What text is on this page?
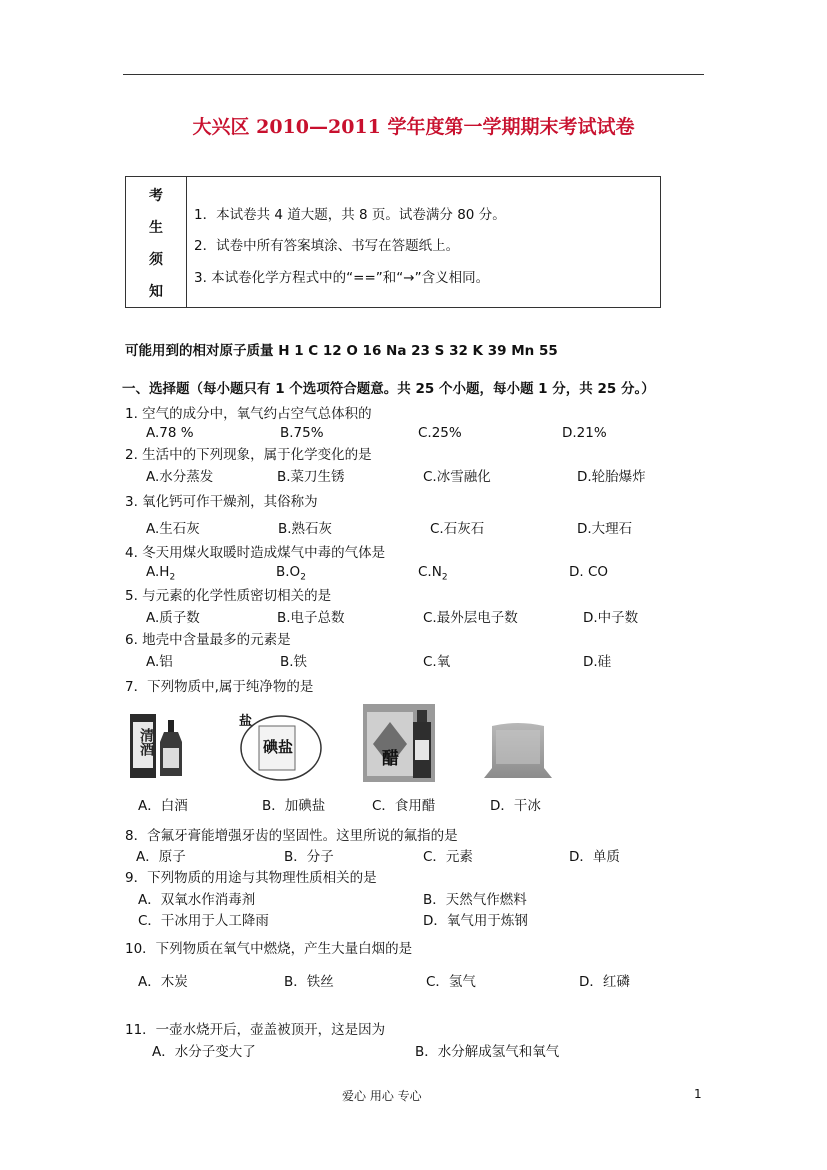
大兴区 2010—2011 学年度第一学期期末考试试卷
考
生
须
知
1．本试卷共 4 道大题，共 8 页。试卷满分 80 分。
2．试卷中所有答案填涂、书写在答题纸上。
3. 本试卷化学方程式中的“==”和“→”含义相同。
可能用到的相对原子质量 H 1 C 12 O 16 Na 23 S 32 K 39 Mn 55
一、选择题（每小题只有 1 个选项符合题意。共 25 个小题，每小题 1 分，共 25 分。）
1. 空气的成分中，氧气约占空气总体积的
A.78 %	B.75%	C.25%	D.21%
2. 生活中的下列现象，属于化学变化的是
A.水分蒸发	B.菜刀生锈	C.冰雪融化	D.轮胎爆炸
3. 氧化钙可作干燥剂，其俗称为
A.生石灰	B.熟石灰	C.石灰石	D.大理石
4. 冬天用煤火取暖时造成煤气中毒的气体是
$A.H_2$	$B.O_2$	$C.N_2$	D. CO
5. 与元素的化学性质密切相关的是
A.质子数	B.电子总数	C.最外层电子数	D.中子数
6. 地壳中含量最多的元素是
A.铝	B.铁	C.氧	D.硅
7．下列物质中,属于纯净物的是
清酒
盐
碘盐
醋
A．白酒	B．加碘盐	C．食用醋	D．干冰
8．含氟牙膏能增强牙齿的坚固性。这里所说的氟指的是
A．原子	B．分子	C．元素	D．单质
9．下列物质的用途与其物理性质相关的是
A．双氧水作消毒剂	B．天然气作燃料
C．干冰用于人工降雨	D．氧气用于炼钢
10．下列物质在氧气中燃烧，产生大量白烟的是
A．木炭	B．铁丝	C．氢气	D．红磷
11．一壶水烧开后，壶盖被顶开，这是因为
A．水分子变大了	B．水分解成氢气和氧气
爱心 用心 专心	1
